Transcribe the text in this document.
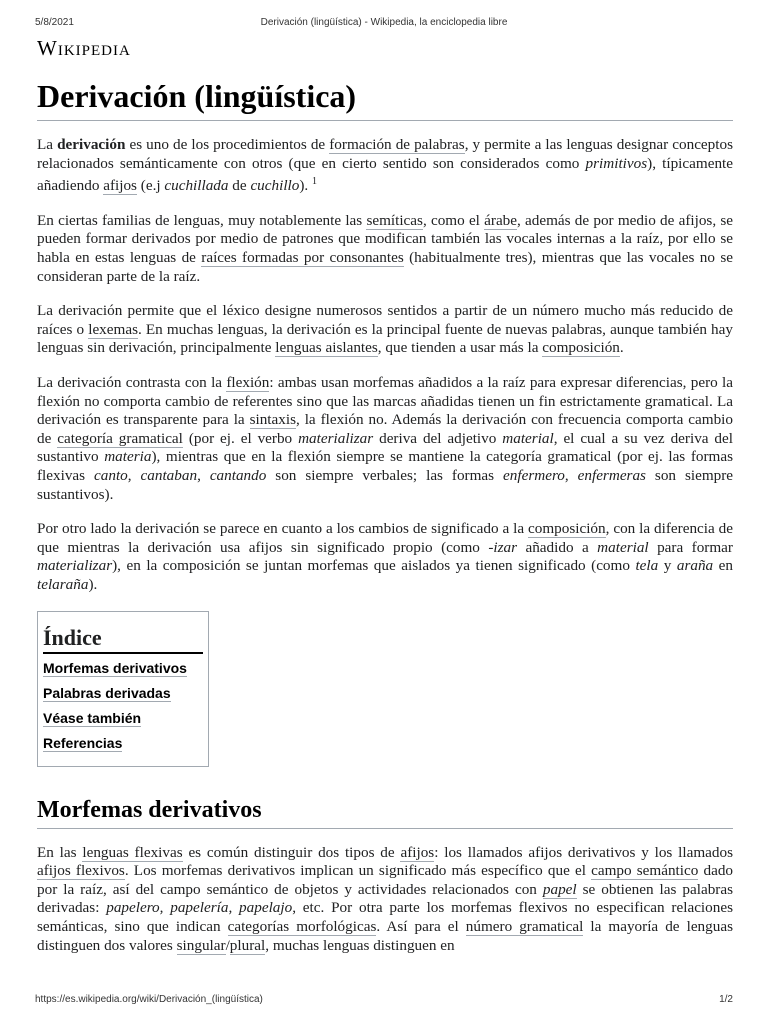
5/8/2021	Derivación (lingüística) - Wikipedia, la enciclopedia libre
Wikipedia
Derivación (lingüística)

La derivación es uno de los procedimientos de formación de palabras, y permite a las lenguas designar conceptos relacionados semánticamente con otros (que en cierto sentido son considerados como primitivos), típicamente añadiendo afijos (e.j cuchillada de cuchillo). $^1$

En ciertas familias de lenguas, muy notablemente las semíticas, como el árabe, además de por medio de afijos, se pueden formar derivados por medio de patrones que modifican también las vocales internas a la raíz, por ello se habla en estas lenguas de raíces formadas por consonantes (habitualmente tres), mientras que las vocales no se consideran parte de la raíz.

La derivación permite que el léxico designe numerosos sentidos a partir de un número mucho más reducido de raíces o lexemas. En muchas lenguas, la derivación es la principal fuente de nuevas palabras, aunque también hay lenguas sin derivación, principalmente lenguas aislantes, que tienden a usar más la composición.

La derivación contrasta con la flexión: ambas usan morfemas añadidos a la raíz para expresar diferencias, pero la flexión no comporta cambio de referentes sino que las marcas añadidas tienen un fin estrictamente gramatical. La derivación es transparente para la sintaxis, la flexión no. Además la derivación con frecuencia comporta cambio de categoría gramatical (por ej. el verbo materializar deriva del adjetivo material, el cual a su vez deriva del sustantivo materia), mientras que en la flexión siempre se mantiene la categoría gramatical (por ej. las formas flexivas canto, cantaban, cantando son siempre verbales; las formas enfermero, enfermeras son siempre sustantivos).

Por otro lado la derivación se parece en cuanto a los cambios de significado a la composición, con la diferencia de que mientras la derivación usa afijos sin significado propio (como -izar añadido a material para formar materializar), en la composición se juntan morfemas que aislados ya tienen significado (como tela y araña en telaraña).

Índice
Morfemas derivativos
Palabras derivadas
Véase también
Referencias
Morfemas derivativos

En las lenguas flexivas es común distinguir dos tipos de afijos: los llamados afijos derivativos y los llamados afijos flexivos. Los morfemas derivativos implican un significado más específico que el campo semántico dado por la raíz, así del campo semántico de objetos y actividades relacionados con papel se obtienen las palabras derivadas: papelero, papelería, papelajo, etc. Por otra parte los morfemas flexivos no especifican relaciones semánticas, sino que indican categorías morfológicas. Así para el número gramatical la mayoría de lenguas distinguen dos valores singular/plural, muchas lenguas distinguen en

https://es.wikipedia.org/wiki/Derivación_(lingüística)	1/2
